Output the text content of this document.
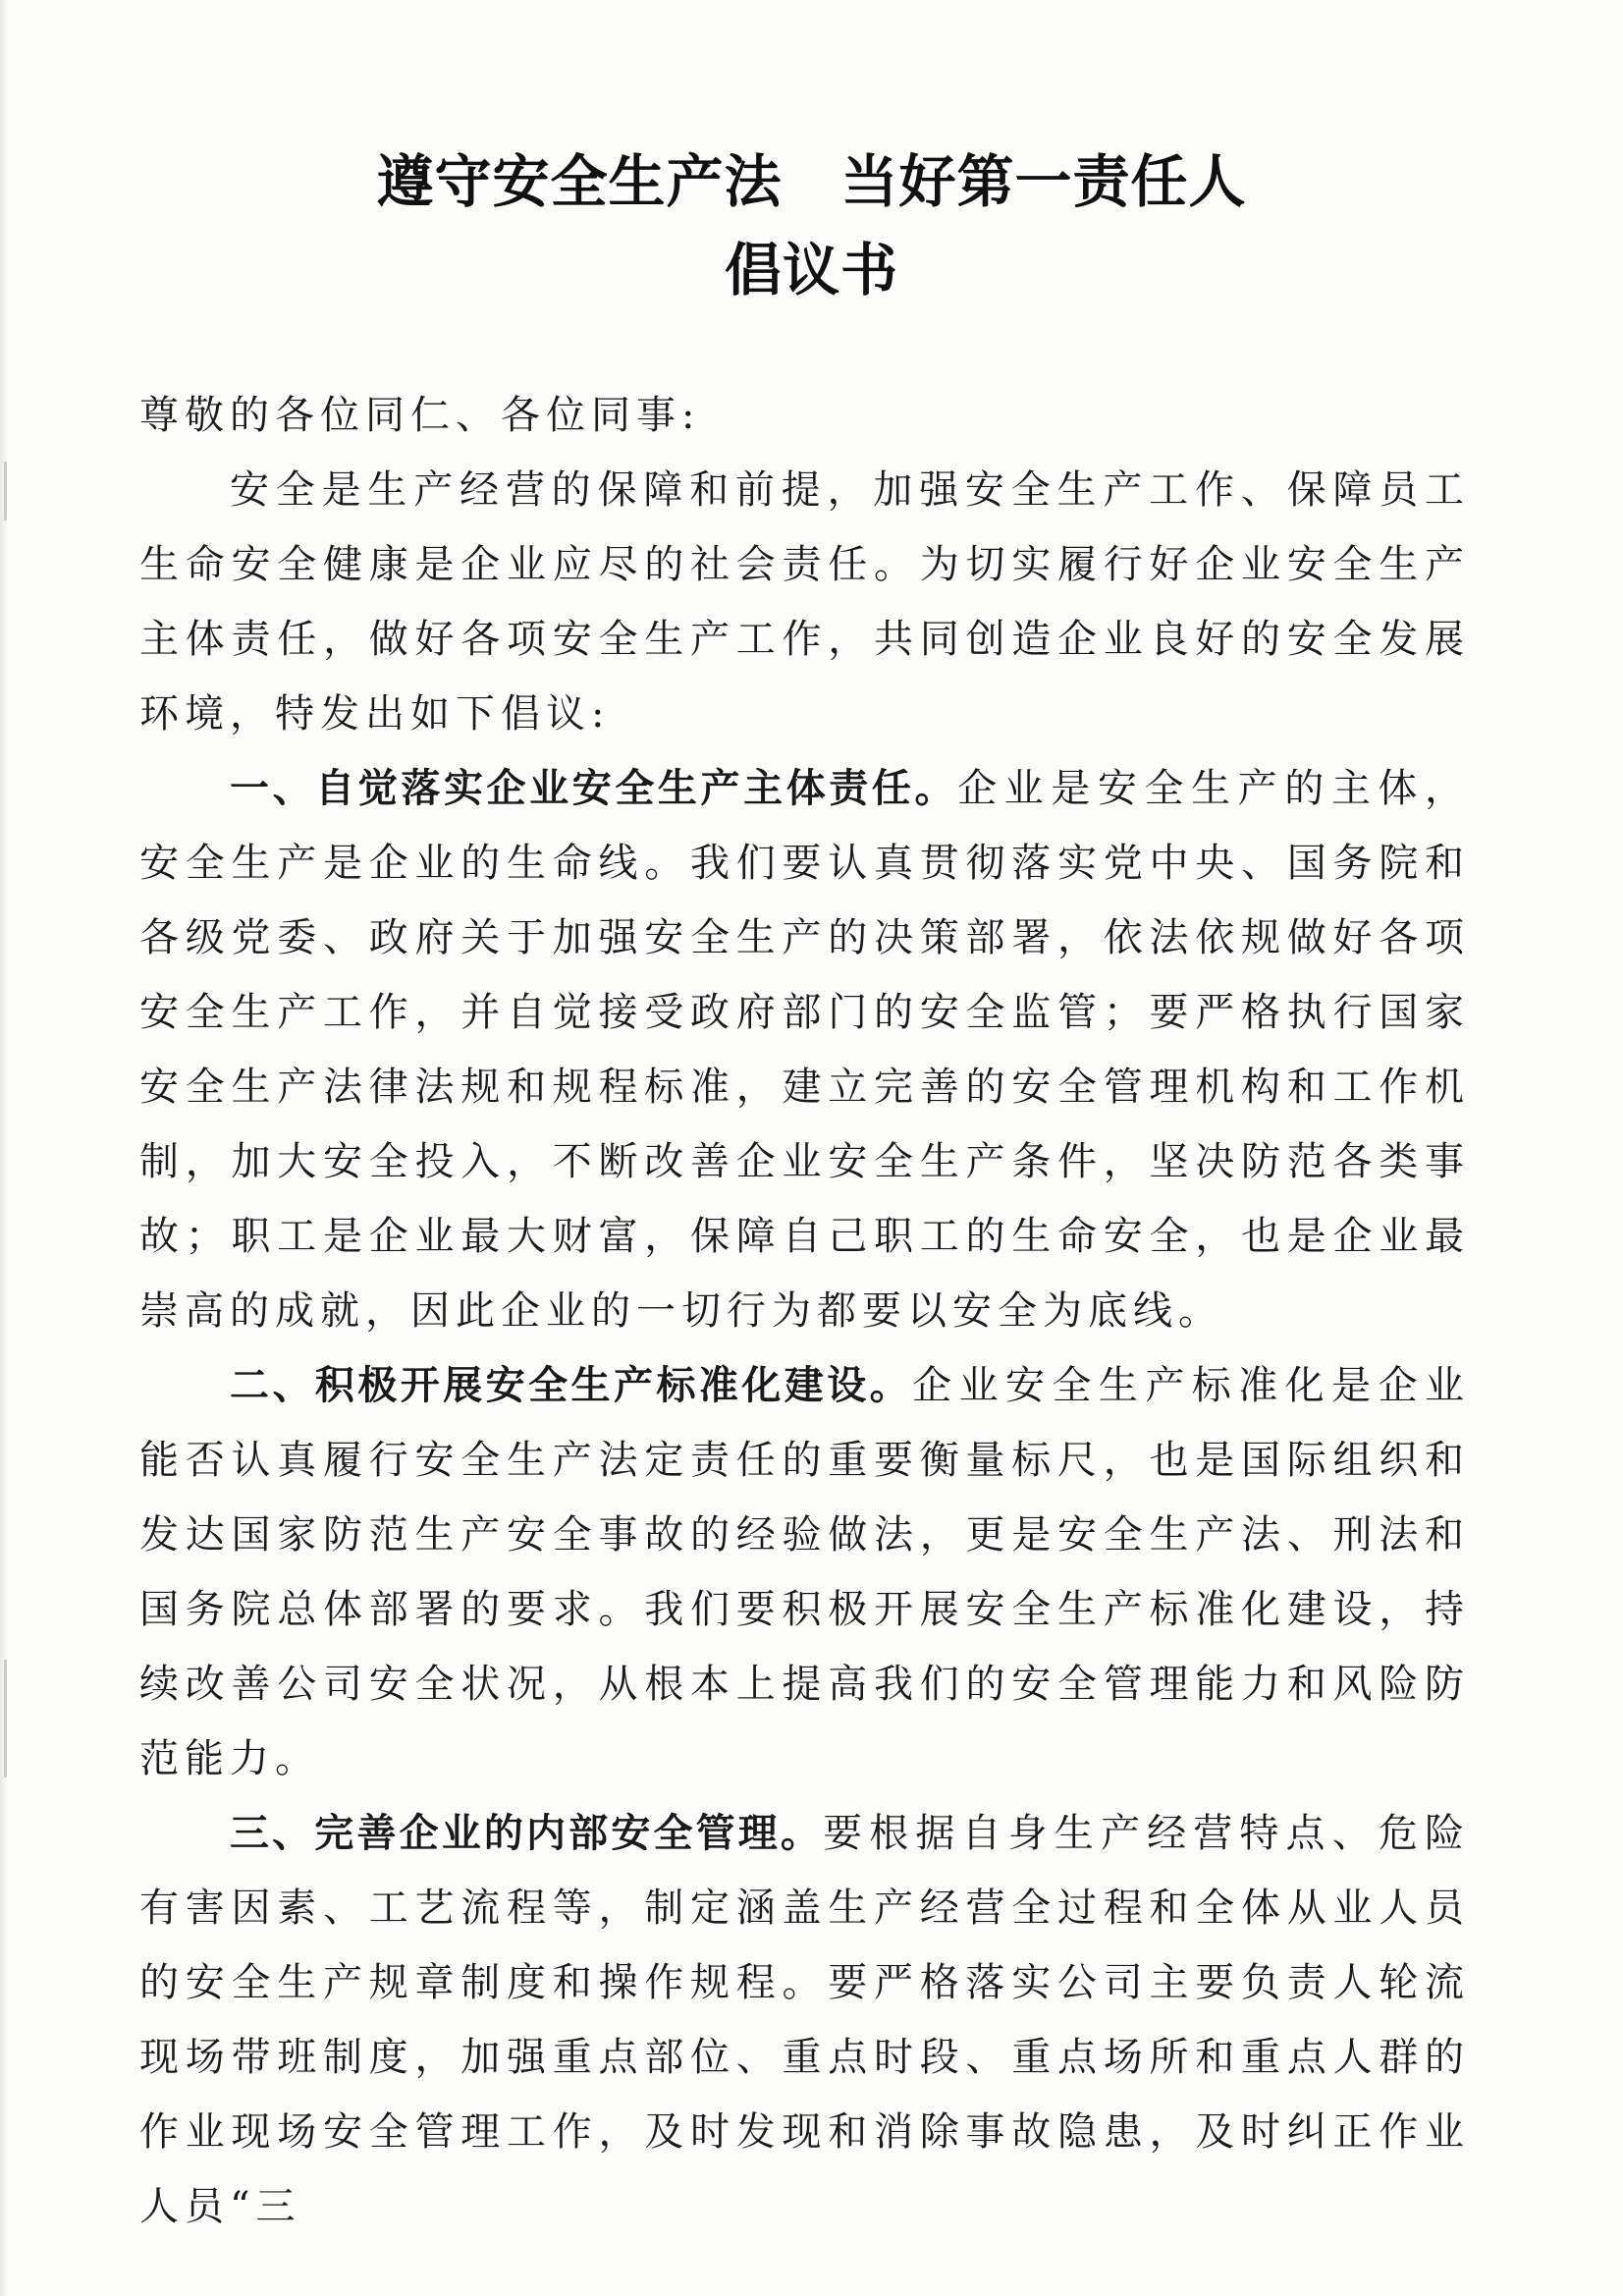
遵守安全生产法 当好第一责任人
倡议书

尊敬的各位同仁、各位同事:

安全是生产经营的保障和前提，加强安全生产工作、保障员工生命安全健康是企业应尽的社会责任。为切实履行好企业安全生产主体责任，做好各项安全生产工作，共同创造企业良好的安全发展环境，特发出如下倡议:

一、自觉落实企业安全生产主体责任。企业是安全生产的主体，安全生产是企业的生命线。我们要认真贯彻落实党中央、国务院和各级党委、政府关于加强安全生产的决策部署，依法依规做好各项安全生产工作，并自觉接受政府部门的安全监管；要严格执行国家安全生产法律法规和规程标准，建立完善的安全管理机构和工作机制，加大安全投入，不断改善企业安全生产条件，坚决防范各类事故；职工是企业最大财富，保障自己职工的生命安全，也是企业最崇高的成就，因此企业的一切行为都要以安全为底线。

二、积极开展安全生产标准化建设。企业安全生产标准化是企业能否认真履行安全生产法定责任的重要衡量标尺，也是国际组织和发达国家防范生产安全事故的经验做法，更是安全生产法、刑法和国务院总体部署的要求。我们要积极开展安全生产标准化建设，持续改善公司安全状况，从根本上提高我们的安全管理能力和风险防范能力。

三、完善企业的内部安全管理。要根据自身生产经营特点、危险有害因素、工艺流程等，制定涵盖生产经营全过程和全体从业人员的安全生产规章制度和操作规程。要严格落实公司主要负责人轮流现场带班制度，加强重点部位、重点时段、重点场所和重点人群的作业现场安全管理工作，及时发现和消除事故隐患，及时纠正作业人员“三
